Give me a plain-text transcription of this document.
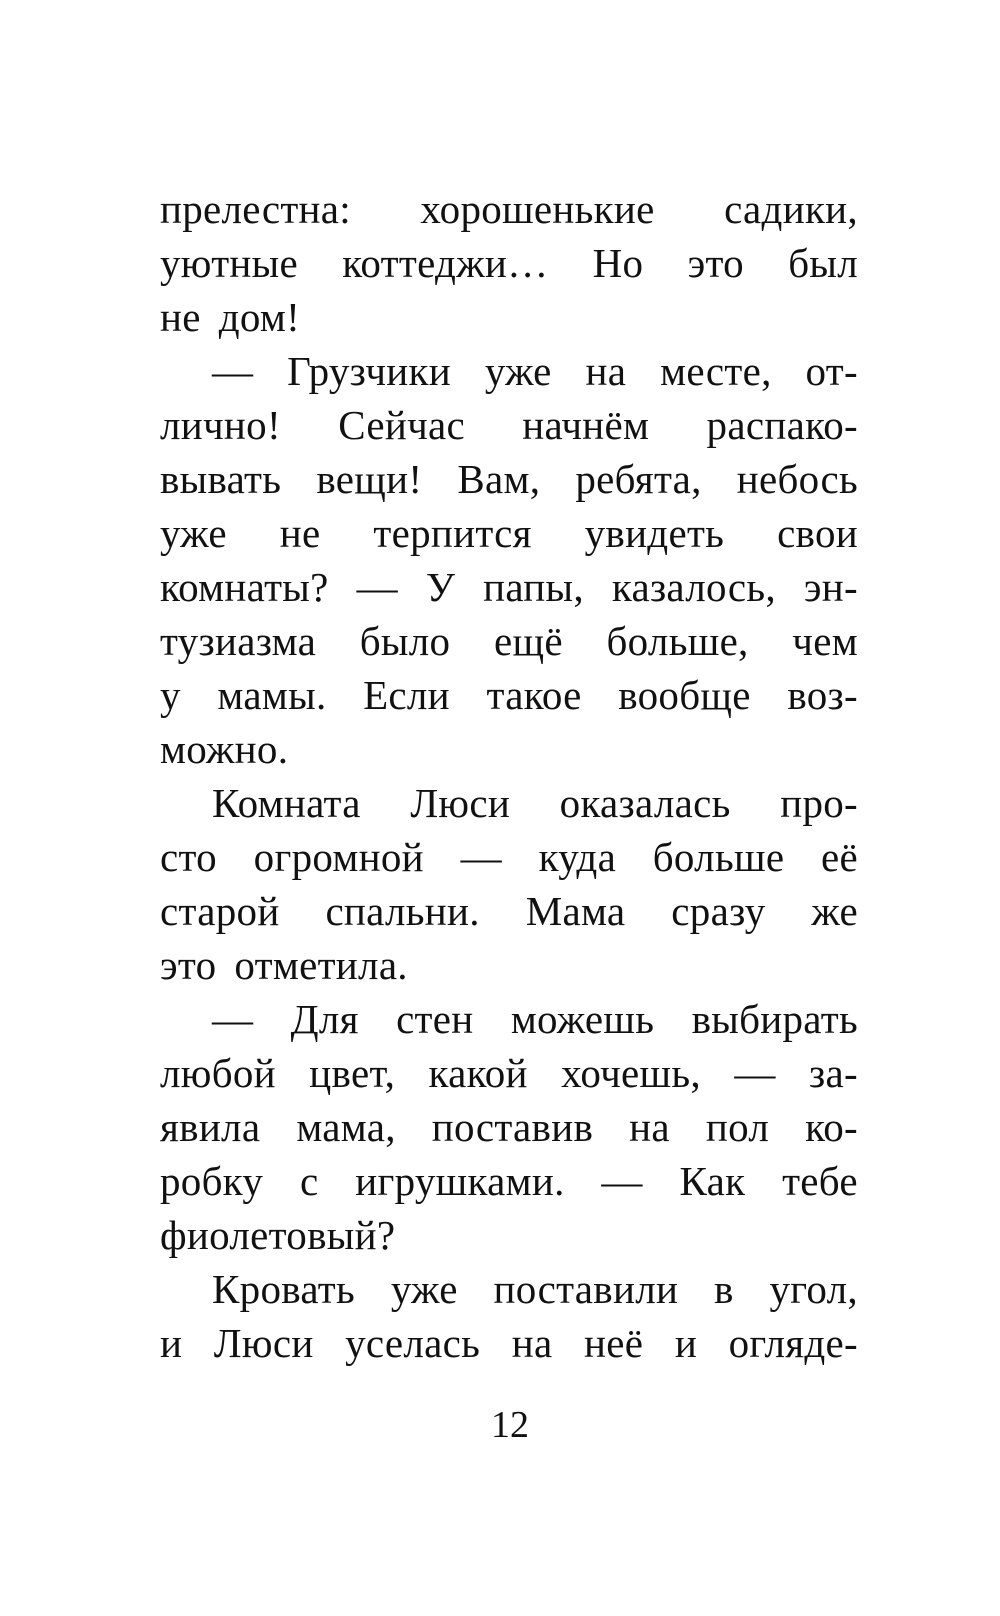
прелестна: хорошенькие садики,
уютные коттеджи… Но это был
не дом!
— Грузчики уже на месте, от-
лично! Сейчас начнём распако-
вывать вещи! Вам, ребята, небось
уже не терпится увидеть свои
комнаты? — У папы, казалось, эн-
тузиазма было ещё больше, чем
у мамы. Если такое вообще воз-
можно.
Комната Люси оказалась про-
сто огромной — куда больше её
старой спальни. Мама сразу же
это отметила.
— Для стен можешь выбирать
любой цвет, какой хочешь, — за-
явила мама, поставив на пол ко-
робку с игрушками. — Как тебе
фиолетовый?
Кровать уже поставили в угол,
и Люси уселась на неё и огляде-
12
